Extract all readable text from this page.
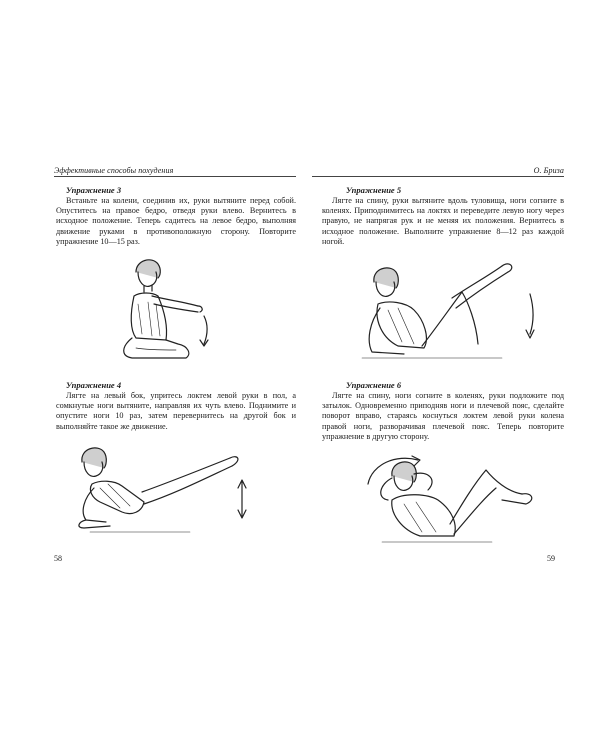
Эффективные способы похудения	О. Бриза
Упражнение 3

Встаньте на колени, соединив их, руки вытяните перед собой. Опуститесь на правое бедро, отведя руки влево. Вернитесь в исходное положение. Теперь садитесь на левое бедро, выполняя движение руками в противоположную сторону. Повторите упражнение 10—15 раз.

Упражнение 4

Лягте на левый бок, упритесь локтем левой руки в пол, а сомкнутые ноги вытяните, направляя их чуть влево. Поднимите и опустите ноги 10 раз, затем перевернитесь на другой бок и выполняйте такое же движение.

58
Упражнение 5

Лягте на спину, руки вытяните вдоль туловища, ноги согните в коленях. Приподнимитесь на локтях и переведите левую ногу через правую, не напрягая рук и не меняя их положения. Вернитесь в исходное положение. Выполните упражнение 8—12 раз каждой ногой.

Упражнение 6

Лягте на спину, ноги согните в коленях, руки подложите под затылок. Одновременно приподняв ноги и плечевой пояс, сделайте поворот вправо, стараясь коснуться локтем левой руки колена правой ноги, разворачивая плечевой пояс. Теперь повторите упражнение в другую сторону.

59
